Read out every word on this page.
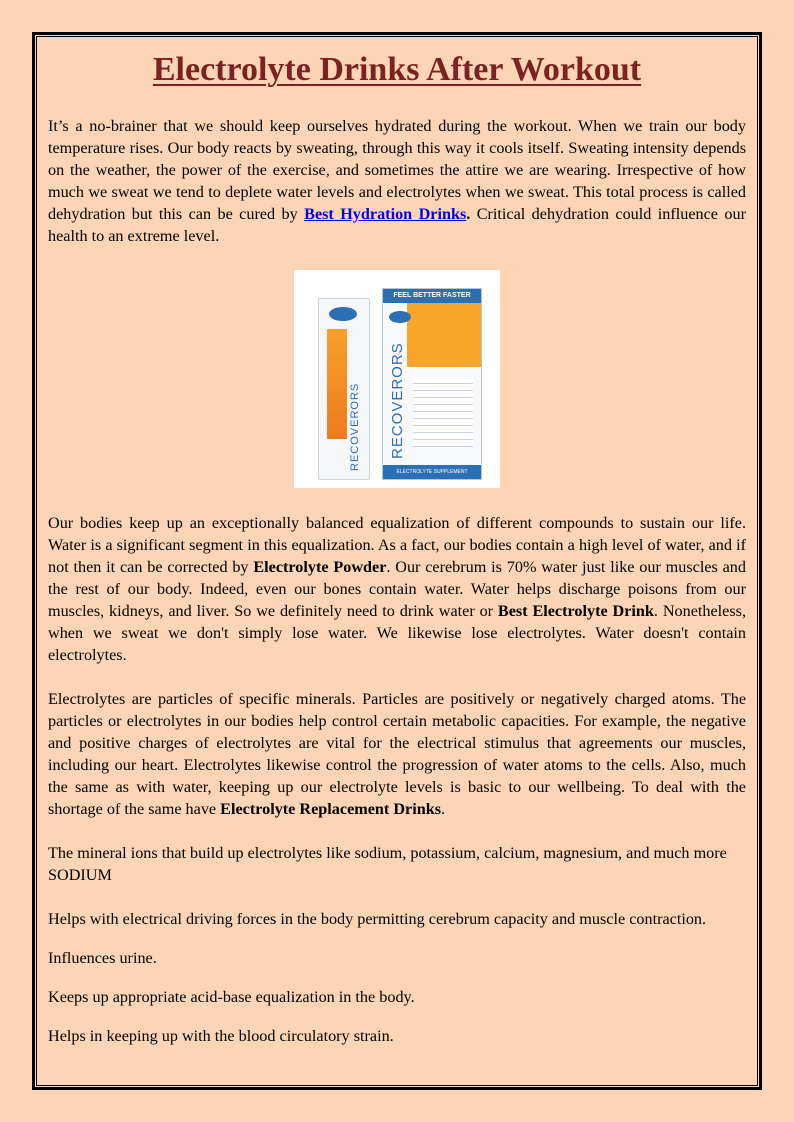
Electrolyte Drinks After Workout

It’s a no-brainer that we should keep ourselves hydrated during the workout. When we train our body temperature rises. Our body reacts by sweating, through this way it cools itself. Sweating intensity depends on the weather, the power of the exercise, and sometimes the attire we are wearing. Irrespective of how much we sweat we tend to deplete water levels and electrolytes when we sweat. This total process is called dehydration but this can be cured by Best Hydration Drinks. Critical dehydration could influence our health to an extreme level.

RECOVERORS
FEEL BETTER FASTER
RECOVERORS
ELECTROLYTE SUPPLEMENT

Our bodies keep up an exceptionally balanced equalization of different compounds to sustain our life. Water is a significant segment in this equalization. As a fact, our bodies contain a high level of water, and if not then it can be corrected by Electrolyte Powder. Our cerebrum is 70% water just like our muscles and the rest of our body. Indeed, even our bones contain water. Water helps discharge poisons from our muscles, kidneys, and liver. So we definitely need to drink water or Best Electrolyte Drink. Nonetheless, when we sweat we don't simply lose water. We likewise lose electrolytes. Water doesn't contain electrolytes.

Electrolytes are particles of specific minerals. Particles are positively or negatively charged atoms. The particles or electrolytes in our bodies help control certain metabolic capacities. For example, the negative and positive charges of electrolytes are vital for the electrical stimulus that agreements our muscles, including our heart. Electrolytes likewise control the progression of water atoms to the cells. Also, much the same as with water, keeping up our electrolyte levels is basic to our wellbeing. To deal with the shortage of the same have Electrolyte Replacement Drinks.

The mineral ions that build up electrolytes like sodium, potassium, calcium, magnesium, and much more
SODIUM

Helps with electrical driving forces in the body permitting cerebrum capacity and muscle contraction.

Influences urine.

Keeps up appropriate acid-base equalization in the body.

Helps in keeping up with the blood circulatory strain.
